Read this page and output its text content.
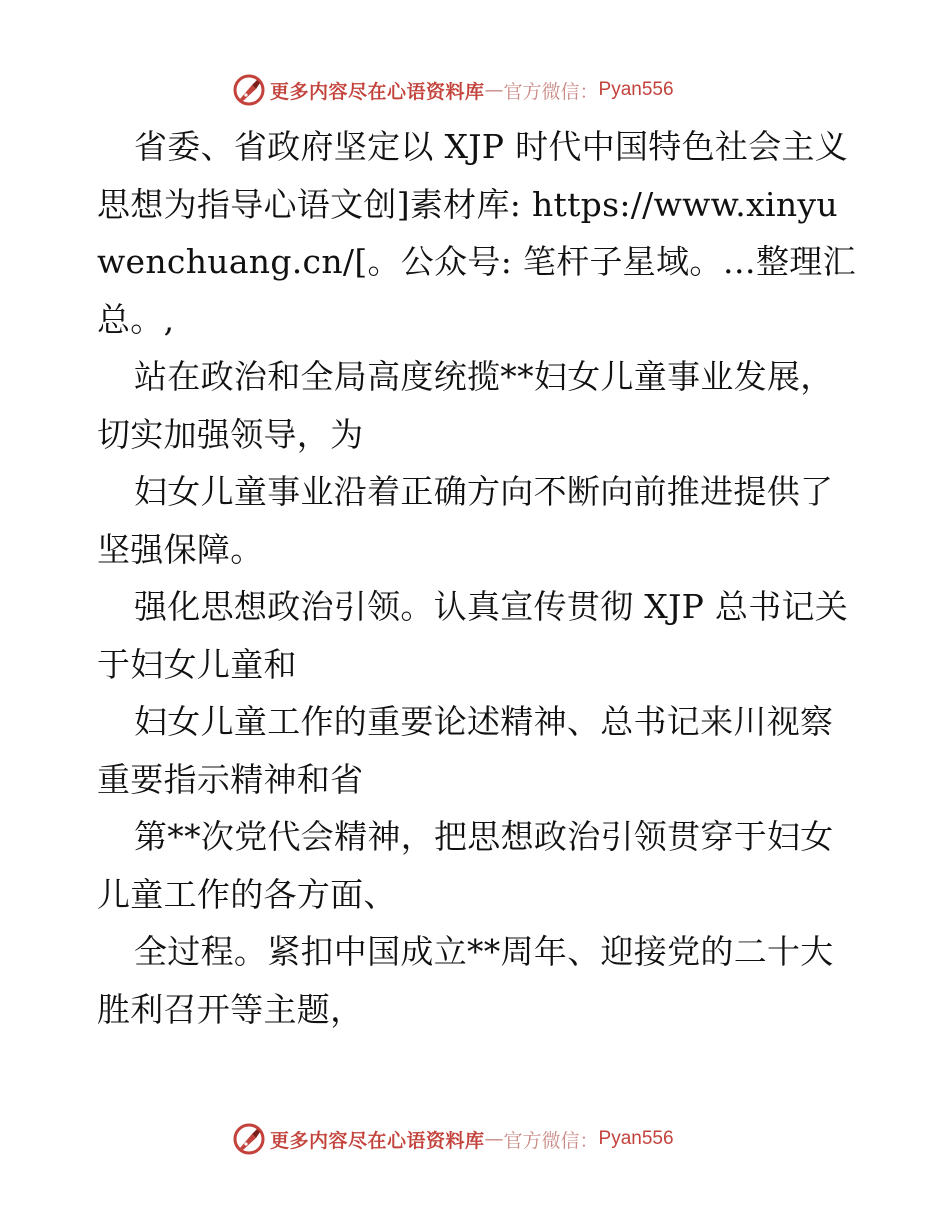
更多内容尽在心语资料库 — 官方微信： Pyan556

省委、省政府坚定以 XJP 时代中国特色社会主义思想为指导心语文创]素材库: https://www.xinyuwenchuang.cn/[。公众号: 笔杆子星域。…整理汇总。,

站在政治和全局高度统揽**妇女儿童事业发展，切实加强领导，为

妇女儿童事业沿着正确方向不断向前推进提供了坚强保障。

强化思想政治引领。认真宣传贯彻 XJP 总书记关于妇女儿童和

妇女儿童工作的重要论述精神、总书记来川视察重要指示精神和省

第**次党代会精神，把思想政治引领贯穿于妇女儿童工作的各方面、

全过程。紧扣中国成立**周年、迎接党的二十大胜利召开等主题，

更多内容尽在心语资料库 — 官方微信： Pyan556
